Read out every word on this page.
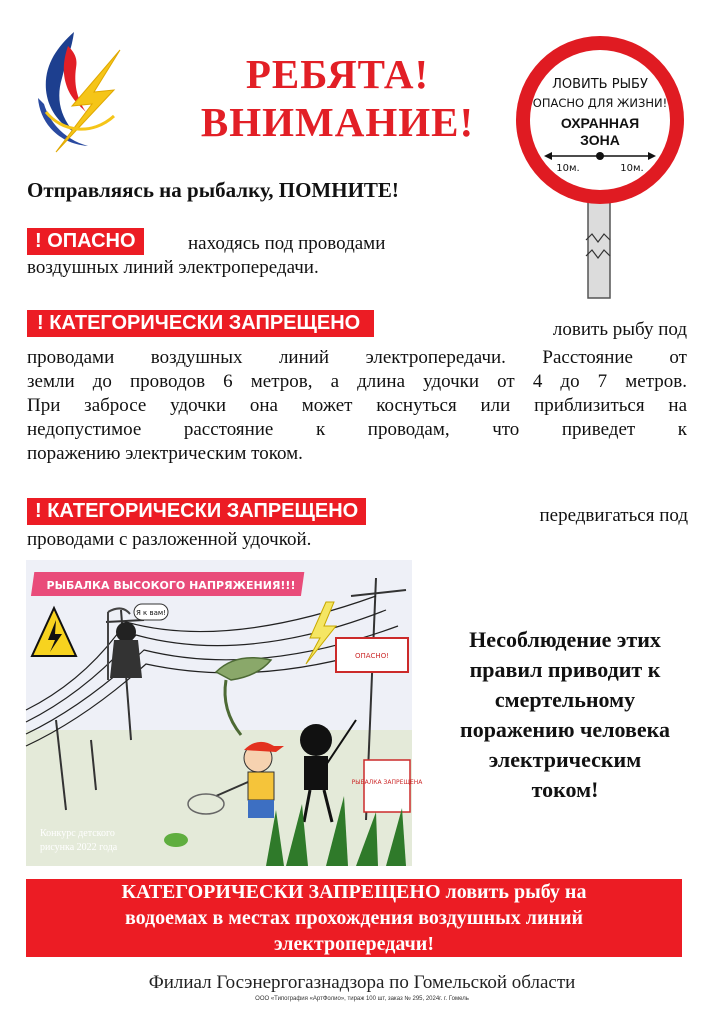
РЕБЯТА!
ВНИМАНИЕ!
ЛОВИТЬ РЫБУ
ОПАСНО ДЛЯ ЖИЗНИ!
ОХРАННАЯ
ЗОНА
10м.	10м.
Отправляясь на рыбалку, ПОМНИТЕ!
! ОПАСНО	находясь под проводами
воздушных линий электропередачи.
! КАТЕГОРИЧЕСКИ ЗАПРЕЩЕНО	ловить рыбу под
проводами воздушных линий электропередачи. Расстояние от
земли до проводов 6 метров, а длина удочки от 4 до 7 метров.
При забросе удочки она может коснуться или приблизиться на
недопустимое расстояние к проводам, что приведет к
поражению электрическим током.
! КАТЕГОРИЧЕСКИ ЗАПРЕЩЕНО	передвигаться под
проводами с разложенной удочкой.
РЫБАЛКА ВЫСОКОГО НАПРЯЖЕНИЯ!!!
Я к вам!
ОПАСНО!
РЫБАЛКА ЗАПРЕЩЕНА
Конкурс детского
рисунка 2022 года
Несоблюдение этих
правил приводит к
смертельному
поражению человека
электрическим
током!
КАТЕГОРИЧЕСКИ ЗАПРЕЩЕНО ловить рыбу на
водоемах в местах прохождения воздушных линий
электропередачи!
Филиал Госэнергогазнадзора по Гомельской области
ООО «Типография «АртФолио», тираж 100 шт, заказ № 295, 2024г. г. Гомель
